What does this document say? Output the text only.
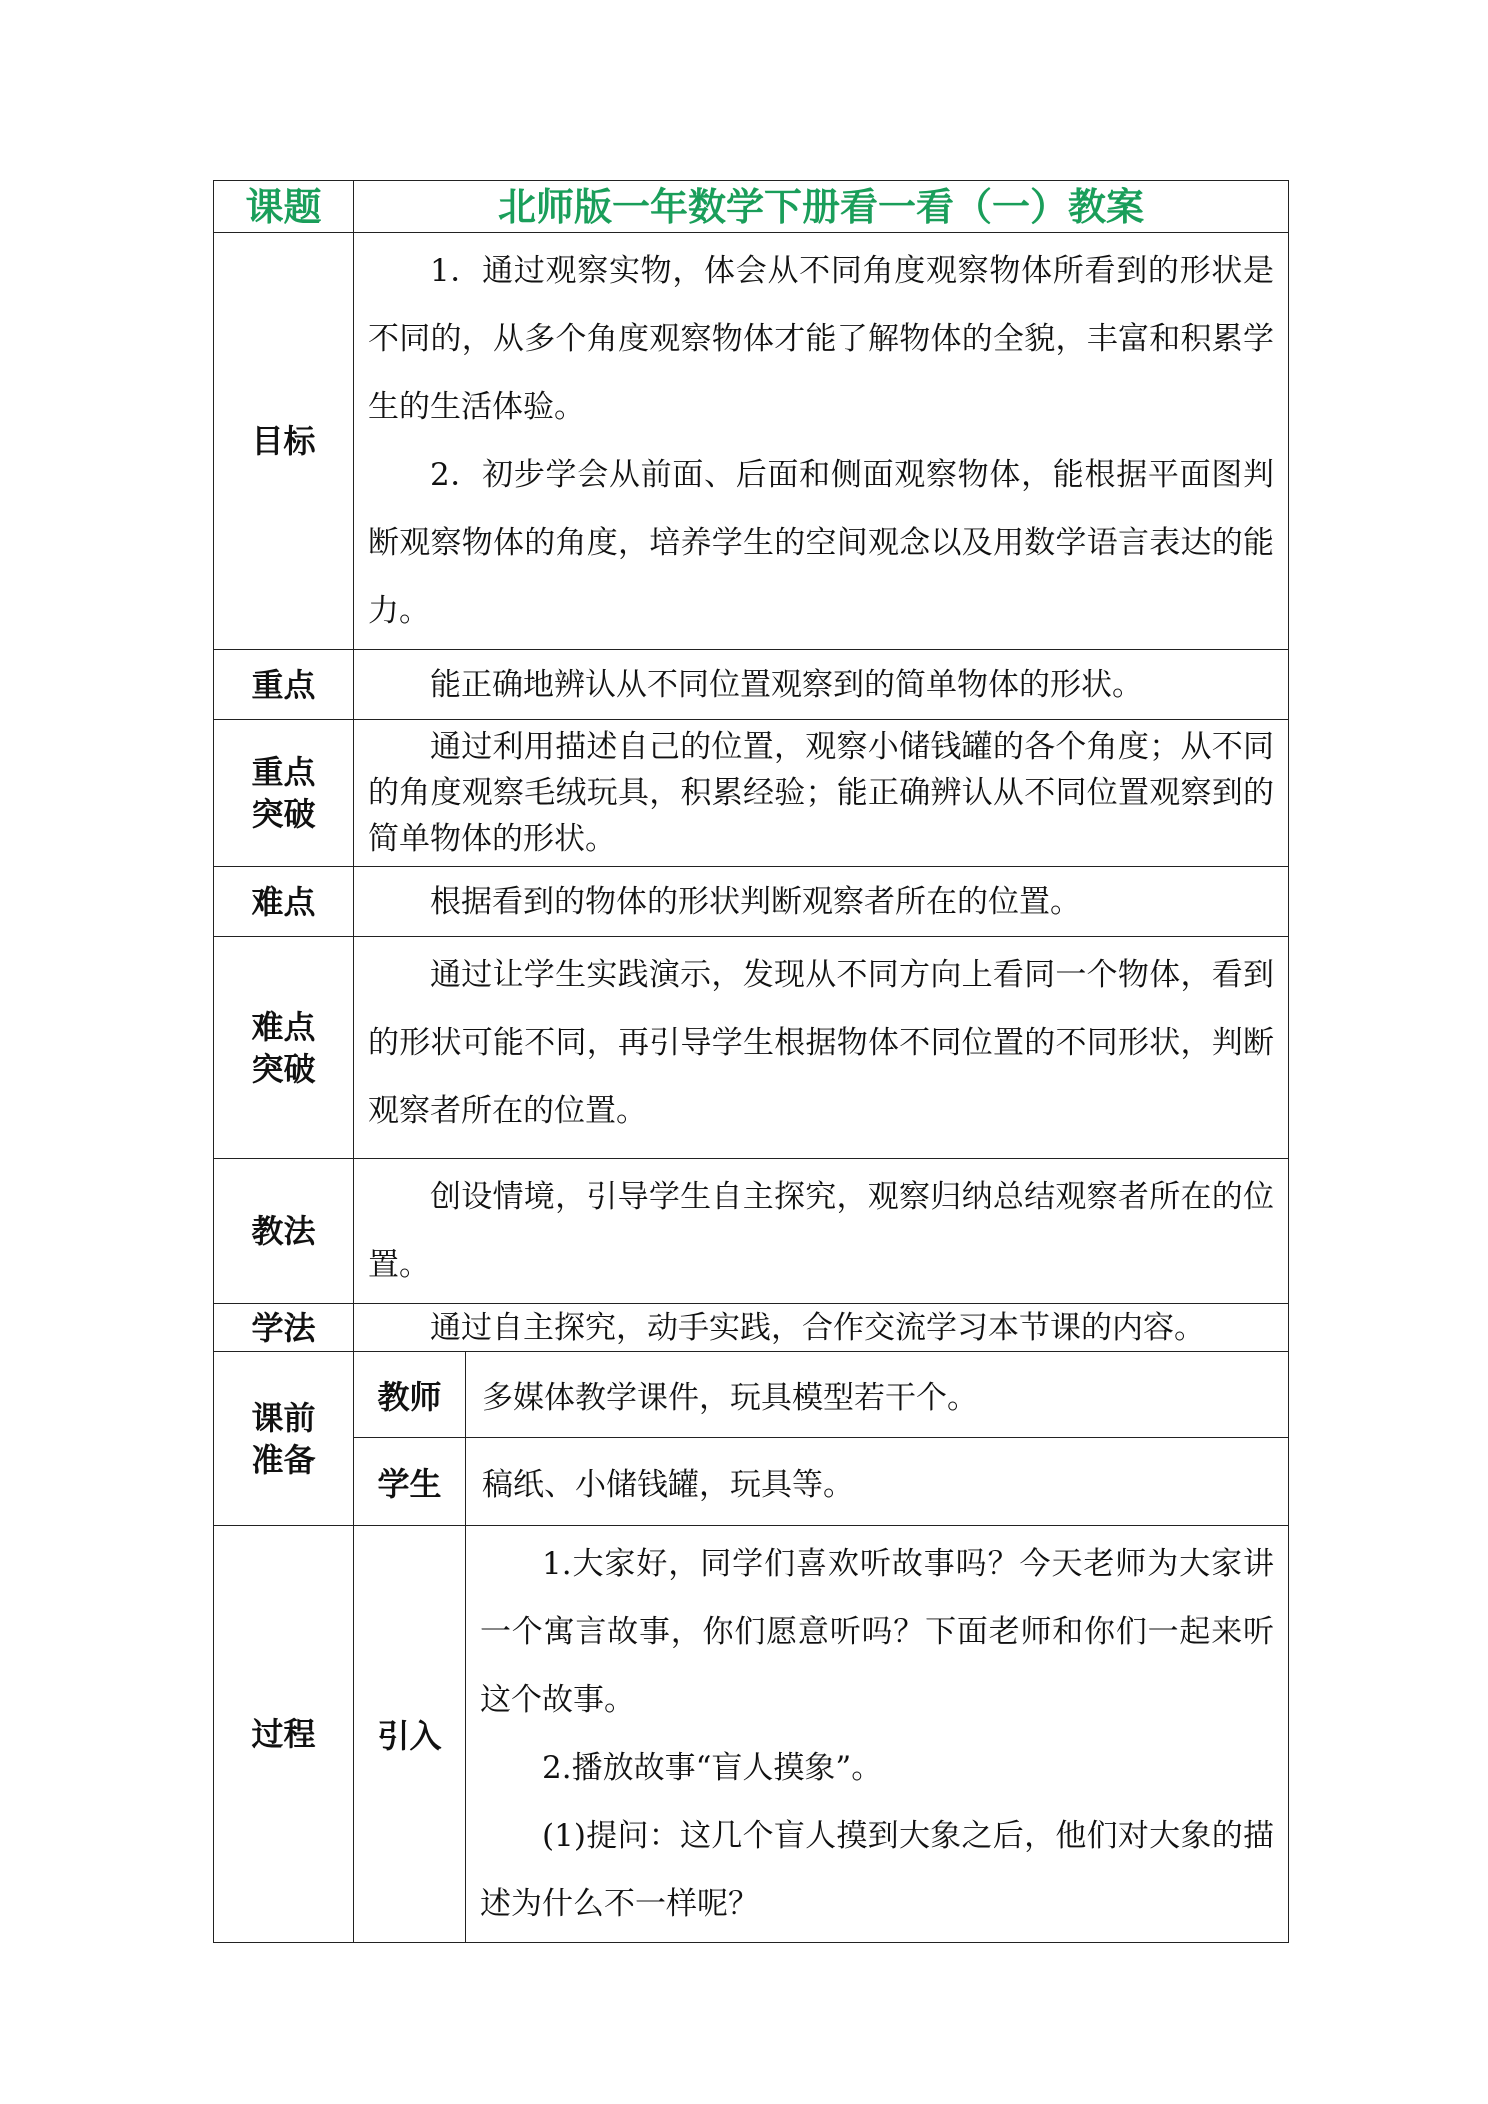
课题	北师版一年数学下册看一看（一）教案	
目标	1．通过观察实物，体会从不同角度观察物体所看到的形状是不同的，从多个角度观察物体才能了解物体的全貌，丰富和积累学生的生活体验。

2．初步学会从前面、后面和侧面观察物体，能根据平面图判断观察物体的角度，培养学生的空间观念以及用数学语言表达的能力。	

重点	能正确地辨认从不同位置观察到的简单物体的形状。	

重点
突破	通过利用描述自己的位置，观察小储钱罐的各个角度；从不同的角度观察毛绒玩具，积累经验；能正确辨认从不同位置观察到的简单物体的形状。	

难点	根据看到的物体的形状判断观察者所在的位置。	

难点
突破	通过让学生实践演示，发现从不同方向上看同一个物体，看到的形状可能不同，再引导学生根据物体不同位置的不同形状，判断观察者所在的位置。	

教法	创设情境，引导学生自主探究，观察归纳总结观察者所在的位置。	

学法	通过自主探究，动手实践，合作交流学习本节课的内容。	

课前
准备	教师	多媒体教学课件，玩具模型若干个。
	学生	稿纸、小储钱罐，玩具等。
过程	引入	1.大家好，同学们喜欢听故事吗？今天老师为大家讲一个寓言故事，你们愿意听吗？下面老师和你们一起来听这个故事。

2.播放故事“盲人摸象”。

(1)提问：这几个盲人摸到大象之后，他们对大象的描述为什么不一样呢？
